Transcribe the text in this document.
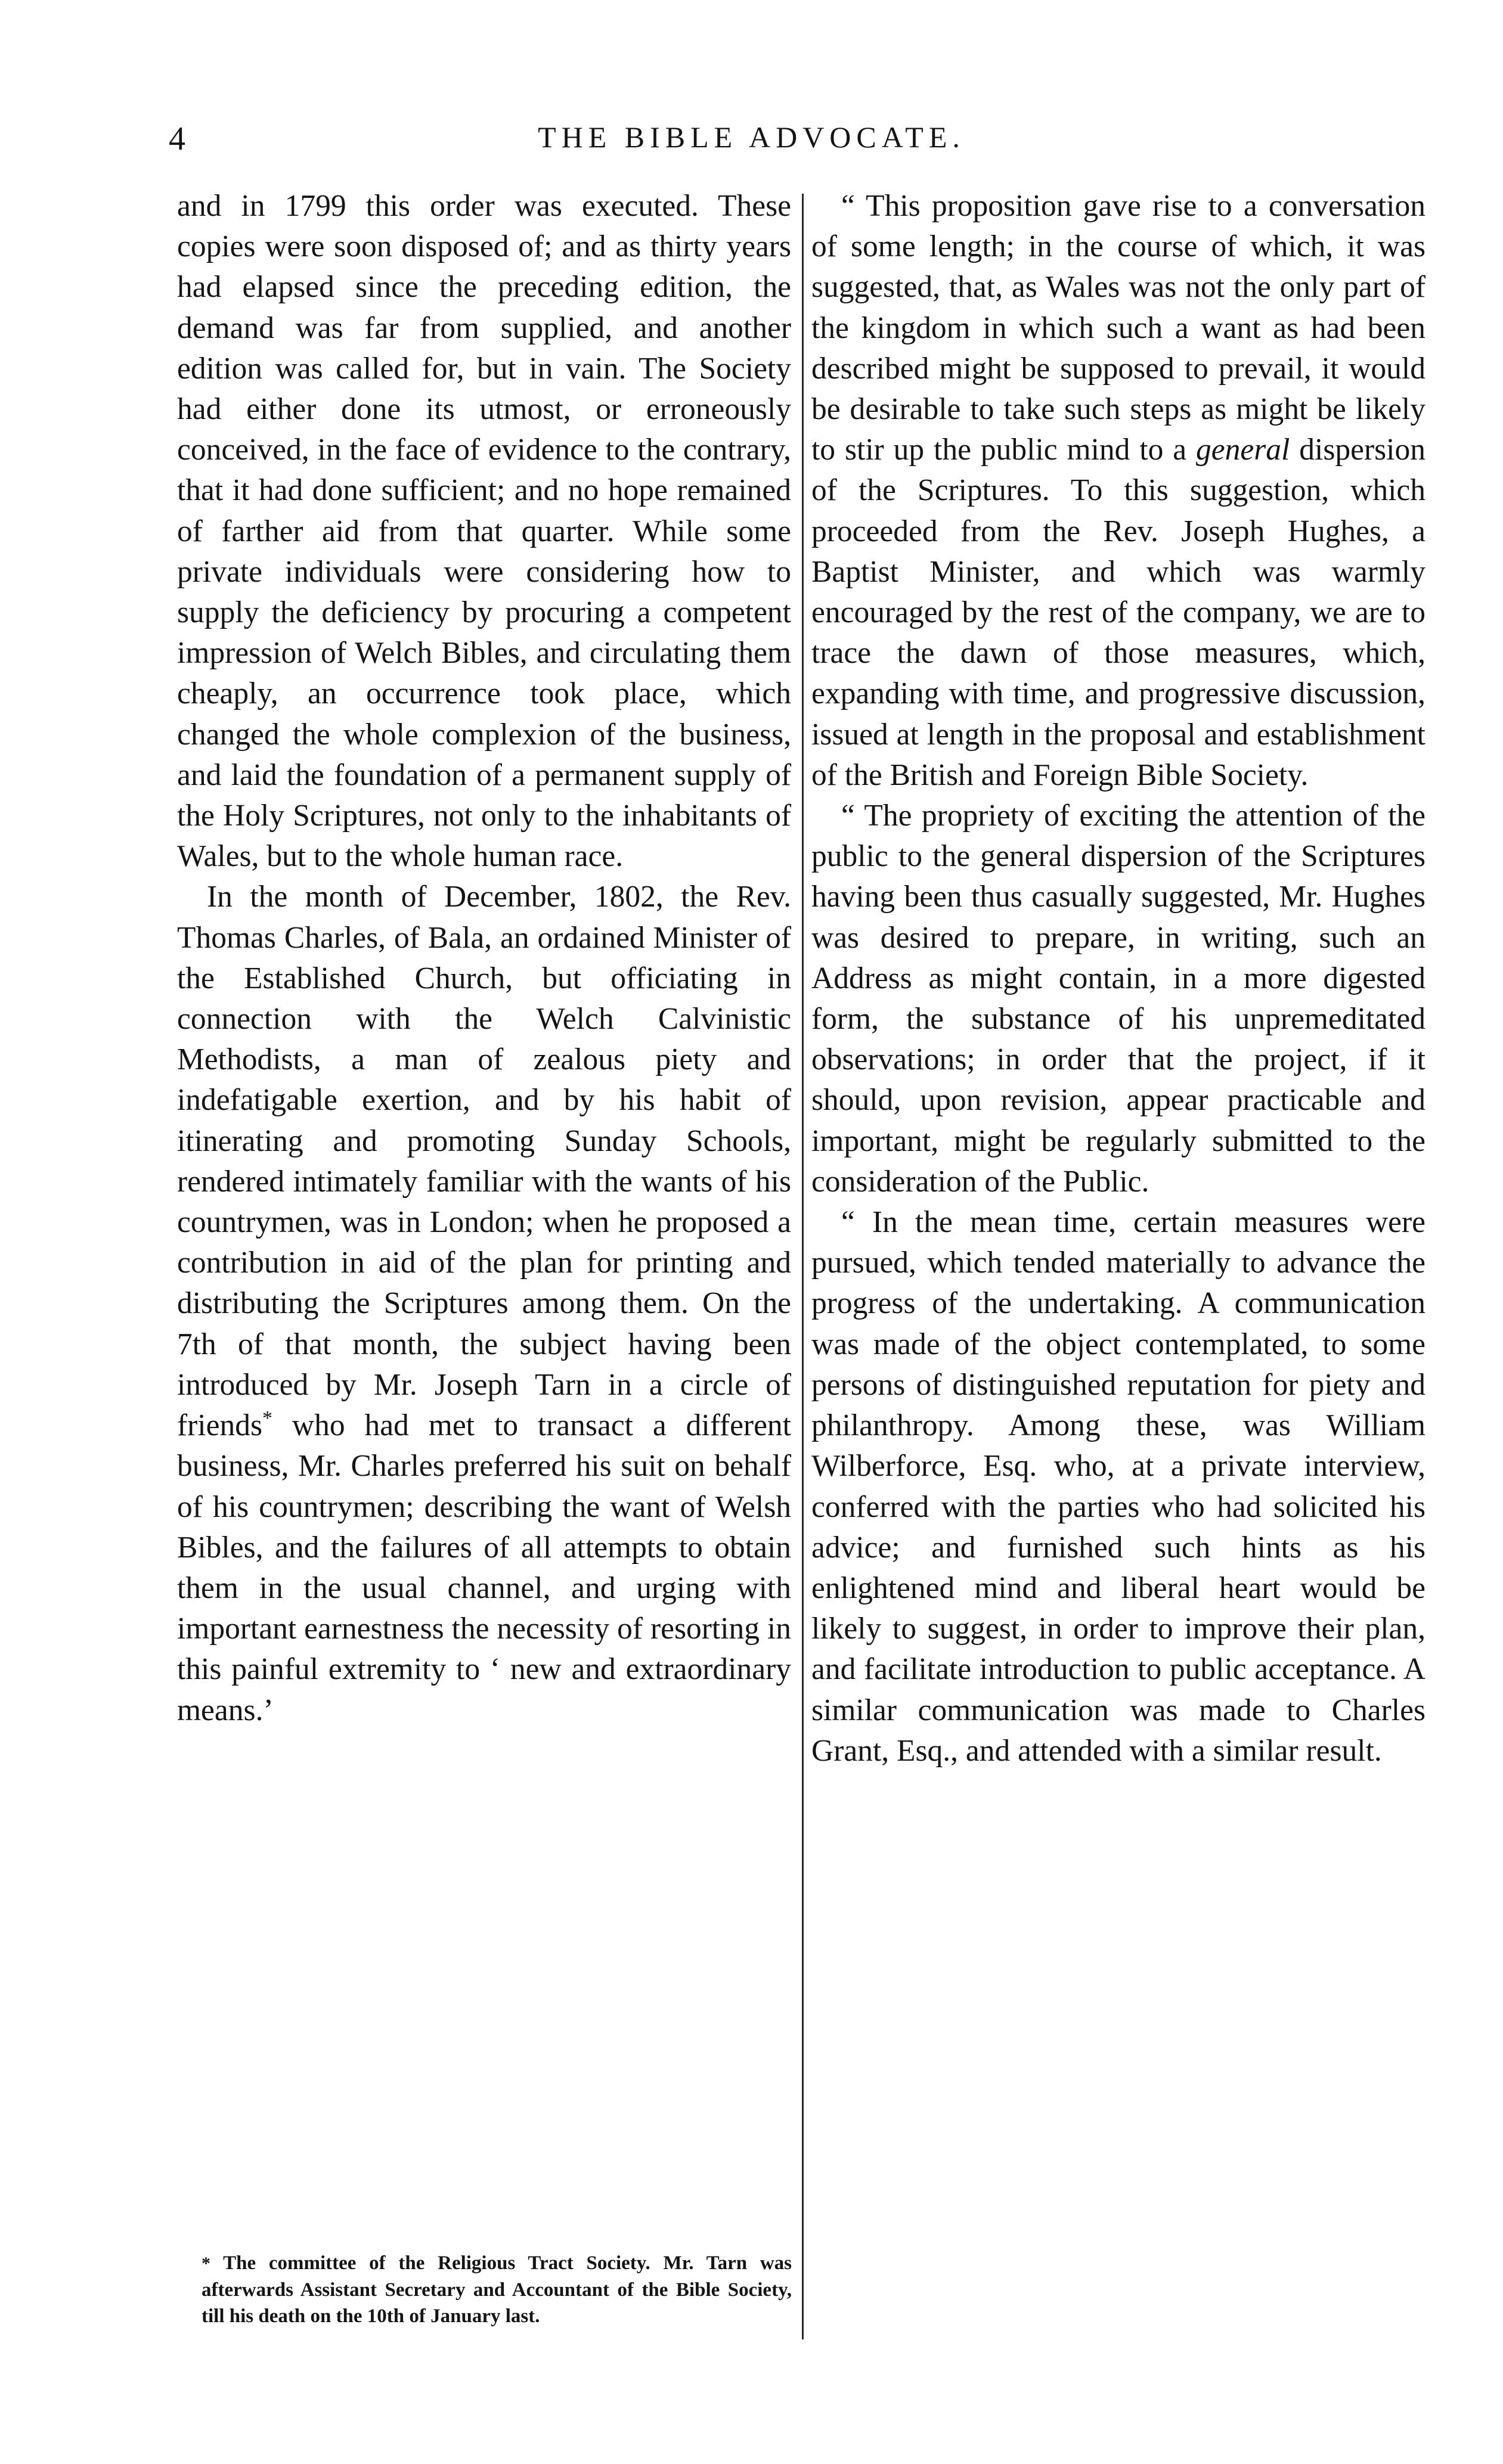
4	THE BIBLE ADVOCATE.

and in 1799 this order was executed. These copies were soon disposed of; and as thirty years had elapsed since the preceding edition, the demand was far from supplied, and another edition was called for, but in vain. The Society had either done its utmost, or erroneously conceived, in the face of evidence to the contrary, that it had done sufficient; and no hope remained of farther aid from that quarter. While some private individuals were considering how to supply the deficiency by procuring a competent impression of Welch Bibles, and circulating them cheaply, an occurrence took place, which changed the whole complexion of the business, and laid the foundation of a permanent supply of the Holy Scriptures, not only to the inhabitants of Wales, but to the whole human race.

In the month of December, 1802, the Rev. Thomas Charles, of Bala, an ordained Minister of the Established Church, but officiating in connection with the Welch Calvinistic Methodists, a man of zealous piety and indefatigable exertion, and by his habit of itinerating and promoting Sunday Schools, rendered intimately familiar with the wants of his countrymen, was in London; when he proposed a contribution in aid of the plan for printing and distributing the Scriptures among them. On the 7th of that month, the subject having been introduced by Mr. Joseph Tarn in a circle of friends* who had met to transact a different business, Mr. Charles preferred his suit on behalf of his countrymen; describing the want of Welsh Bibles, and the failures of all attempts to obtain them in the usual channel, and urging with important earnestness the necessity of resorting in this painful extremity to ‘ new and extraordinary means.’

“ This proposition gave rise to a conversation of some length; in the course of which, it was suggested, that, as Wales was not the only part of the kingdom in which such a want as had been described might be supposed to prevail, it would be desirable to take such steps as might be likely to stir up the public mind to a general dispersion of the Scriptures. To this suggestion, which proceeded from the Rev. Joseph Hughes, a Baptist Minister, and which was warmly encouraged by the rest of the company, we are to trace the dawn of those measures, which, expanding with time, and progressive discussion, issued at length in the proposal and establishment of the British and Foreign Bible Society.

“ The propriety of exciting the attention of the public to the general dispersion of the Scriptures having been thus casually suggested, Mr. Hughes was desired to prepare, in writing, such an Address as might contain, in a more digested form, the substance of his unpremeditated observations; in order that the project, if it should, upon revision, appear practicable and important, might be regularly submitted to the consideration of the Public.

“ In the mean time, certain measures were pursued, which tended materially to advance the progress of the undertaking. A communication was made of the object contemplated, to some persons of distinguished reputation for piety and philanthropy. Among these, was William Wilberforce, Esq. who, at a private interview, conferred with the parties who had solicited his advice; and furnished such hints as his enlightened mind and liberal heart would be likely to suggest, in order to improve their plan, and facilitate introduction to public acceptance. A similar communication was made to Charles Grant, Esq., and attended with a similar result.

* The committee of the Religious Tract Society. Mr. Tarn was afterwards Assistant Secretary and Accountant of the Bible Society, till his death on the 10th of January last.
